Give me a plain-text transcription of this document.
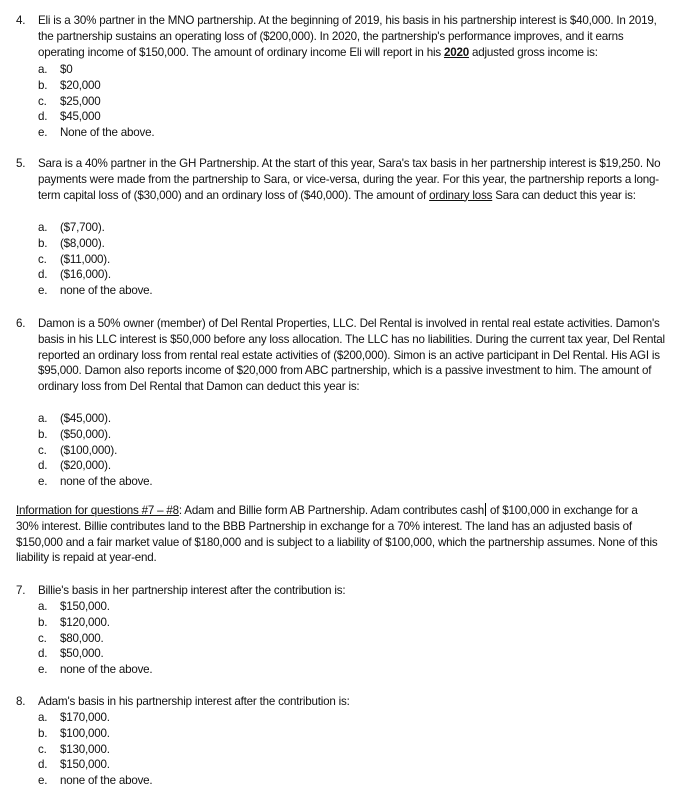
4. Eli is a 30% partner in the MNO partnership. At the beginning of 2019, his basis in his partnership interest is $40,000. In 2019, the partnership sustains an operating loss of ($200,000). In 2020, the partnership's performance improves, and it earns operating income of $150,000. The amount of ordinary income Eli will report in his 2020 adjusted gross income is:

a. $0
b. $20,000
c. $25,000
d. $45,000
e. None of the above.
5. Sara is a 40% partner in the GH Partnership. At the start of this year, Sara's tax basis in her partnership interest is $19,250. No payments were made from the partnership to Sara, or vice-versa, during the year. For this year, the partnership reports a long-term capital loss of ($30,000) and an ordinary loss of ($40,000). The amount of ordinary loss Sara can deduct this year is:

a. ($7,700).
b. ($8,000).
c. ($11,000).
d. ($16,000).
e. none of the above.
6. Damon is a 50% owner (member) of Del Rental Properties, LLC. Del Rental is involved in rental real estate activities. Damon's basis in his LLC interest is $50,000 before any loss allocation. The LLC has no liabilities. During the current tax year, Del Rental reported an ordinary loss from rental real estate activities of ($200,000). Simon is an active participant in Del Rental. His AGI is $95,000. Damon also reports income of $20,000 from ABC partnership, which is a passive investment to him. The amount of ordinary loss from Del Rental that Damon can deduct this year is:

a. ($45,000).
b. ($50,000).
c. ($100,000).
d. ($20,000).
e. none of the above.

Information for questions #7 – #8: Adam and Billie form AB Partnership. Adam contributes cash of $100,000 in exchange for a 30% interest. Billie contributes land to the BBB Partnership in exchange for a 70% interest. The land has an adjusted basis of $150,000 and a fair market value of $180,000 and is subject to a liability of $100,000, which the partnership assumes. None of this liability is repaid at year-end.

7. Billie's basis in her partnership interest after the contribution is:

a. $150,000.
b. $120,000.
c. $80,000.
d. $50,000.
e. none of the above.
8. Adam's basis in his partnership interest after the contribution is:

a. $170,000.
b. $100,000.
c. $130,000.
d. $150,000.
e. none of the above.
